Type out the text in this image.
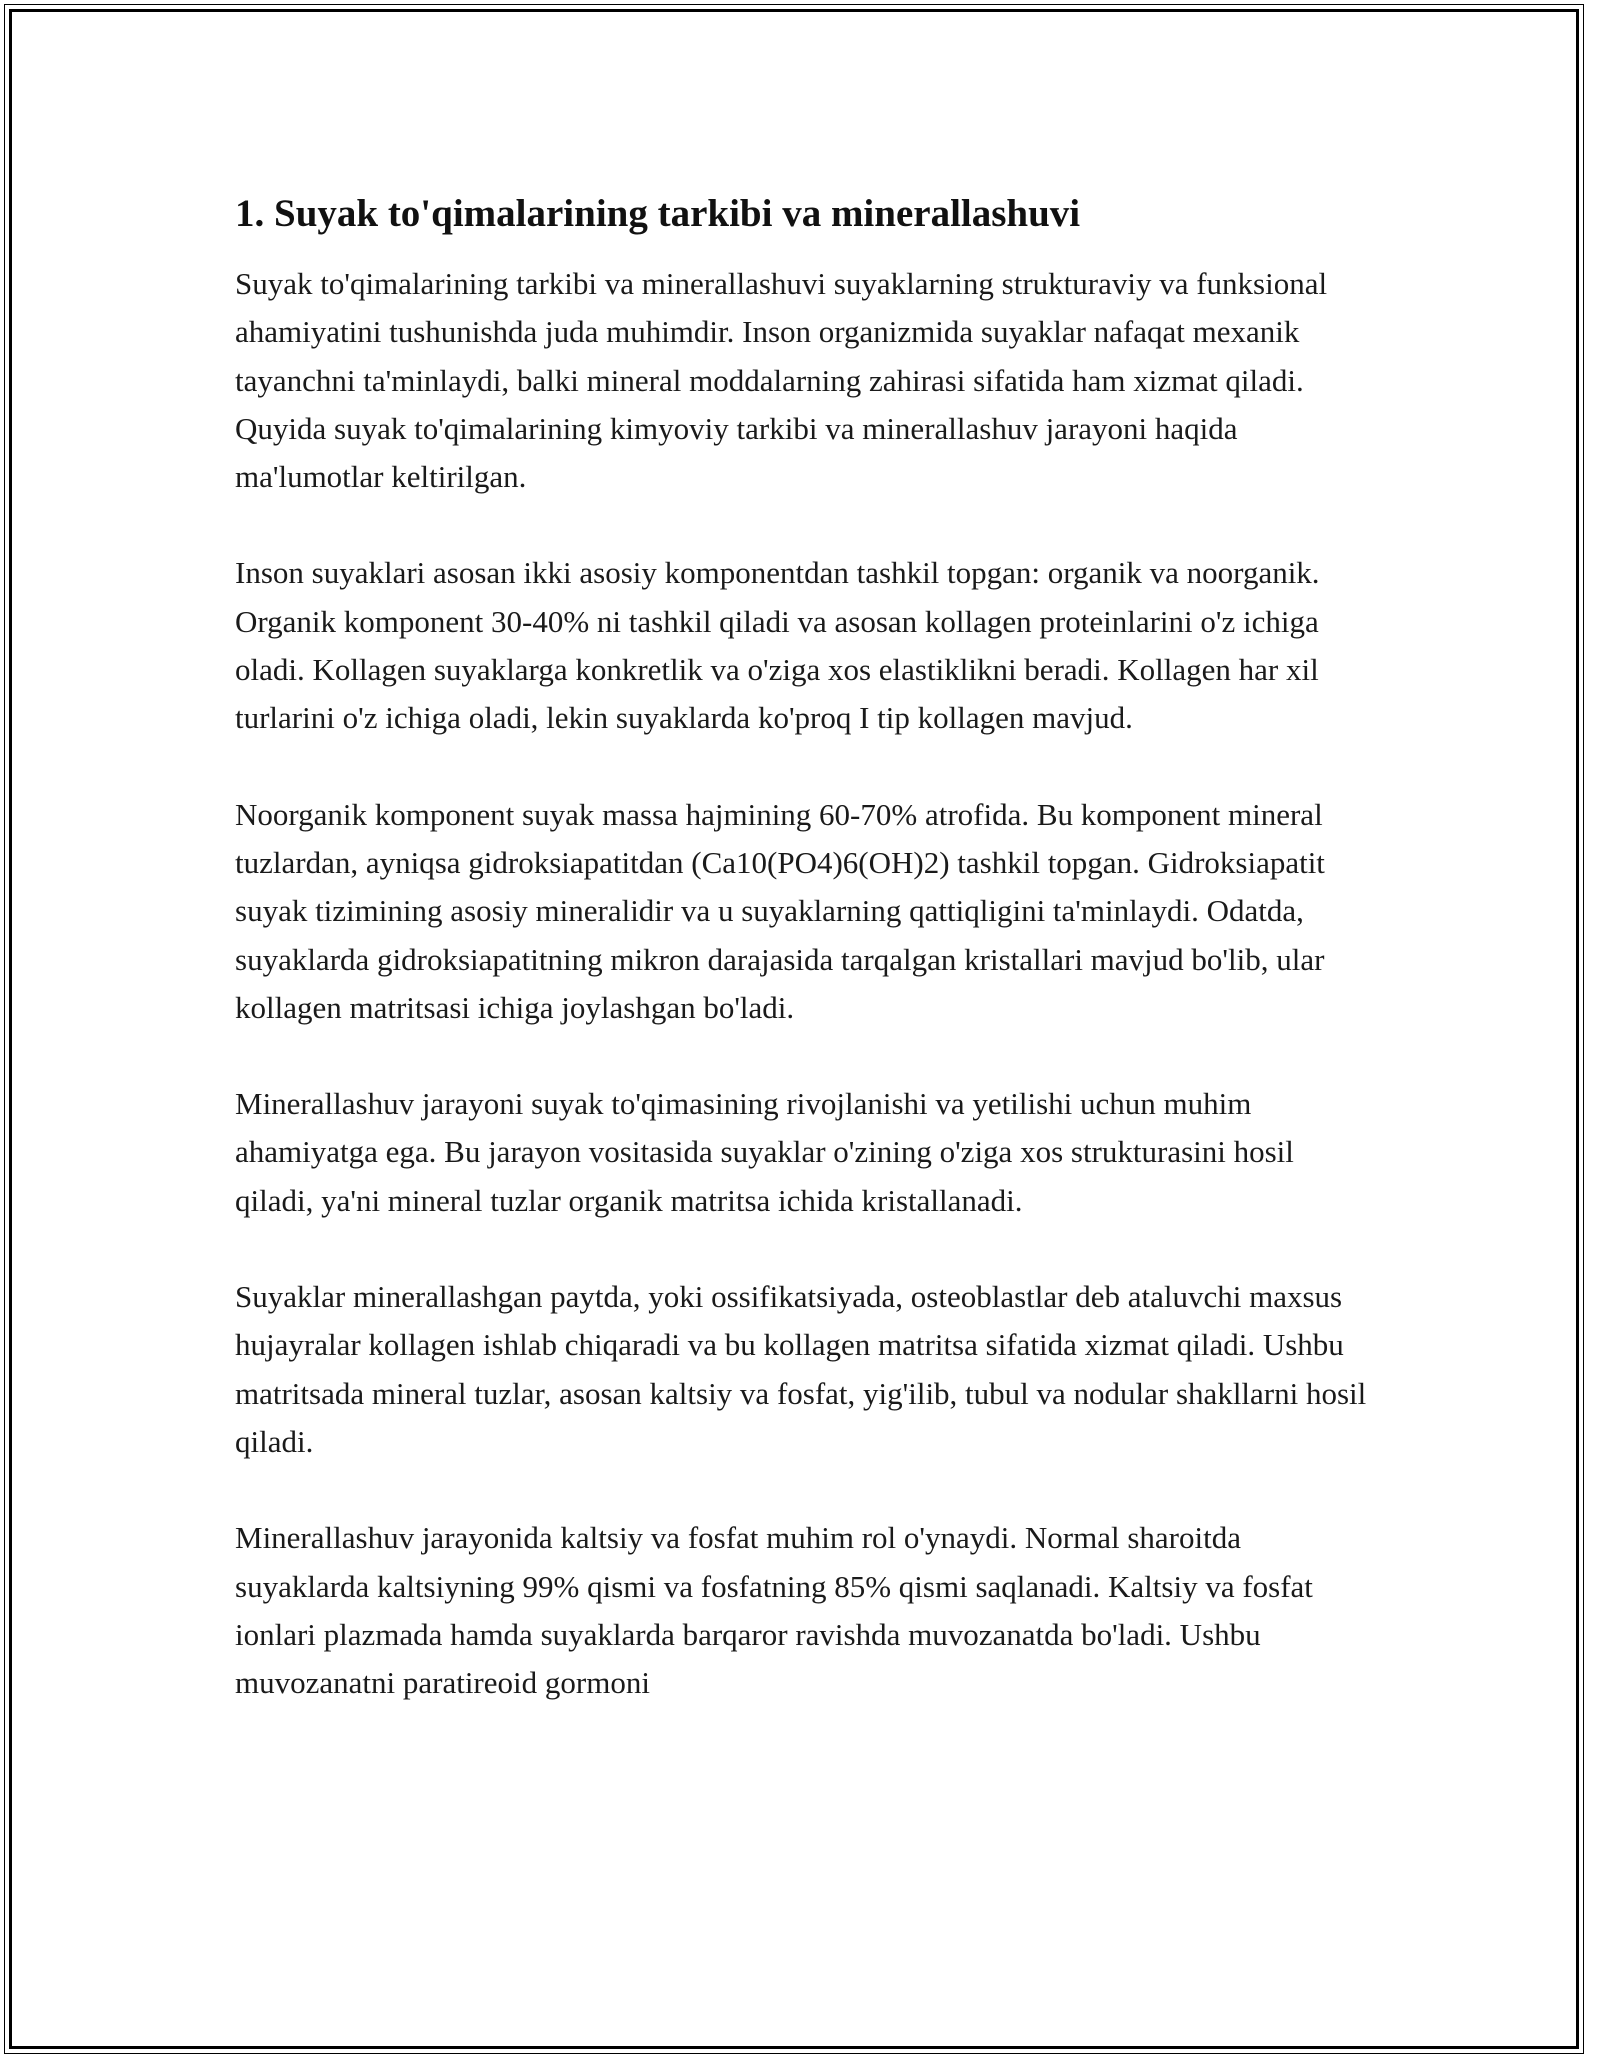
1. Suyak to'qimalarining tarkibi va minerallashuvi

Suyak to'qimalarining tarkibi va minerallashuvi suyaklarning strukturaviy va funksional ahamiyatini tushunishda juda muhimdir. Inson organizmida suyaklar nafaqat mexanik tayanchni ta'minlaydi, balki mineral moddalarning zahirasi sifatida ham xizmat qiladi. Quyida suyak to'qimalarining kimyoviy tarkibi va minerallashuv jarayoni haqida ma'lumotlar keltirilgan.

Inson suyaklari asosan ikki asosiy komponentdan tashkil topgan: organik va noorganik. Organik komponent 30-40% ni tashkil qiladi va asosan kollagen proteinlarini o'z ichiga oladi. Kollagen suyaklarga konkretlik va o'ziga xos elastiklikni beradi. Kollagen har xil turlarini o'z ichiga oladi, lekin suyaklarda ko'proq I tip kollagen mavjud.

Noorganik komponent suyak massa hajmining 60-70% atrofida. Bu komponent mineral tuzlardan, ayniqsa gidroksiapatitdan (Ca10(PO4)6(OH)2) tashkil topgan. Gidroksiapatit suyak tizimining asosiy mineralidir va u suyaklarning qattiqligini ta'minlaydi. Odatda, suyaklarda gidroksiapatitning mikron darajasida tarqalgan kristallari mavjud bo'lib, ular kollagen matritsasi ichiga joylashgan bo'ladi.

Minerallashuv jarayoni suyak to'qimasining rivojlanishi va yetilishi uchun muhim ahamiyatga ega. Bu jarayon vositasida suyaklar o'zining o'ziga xos strukturasini hosil qiladi, ya'ni mineral tuzlar organik matritsa ichida kristallanadi.

Suyaklar minerallashgan paytda, yoki ossifikatsiyada, osteoblastlar deb ataluvchi maxsus hujayralar kollagen ishlab chiqaradi va bu kollagen matritsa sifatida xizmat qiladi. Ushbu matritsada mineral tuzlar, asosan kaltsiy va fosfat, yig'ilib, tubul va nodular shakllarni hosil qiladi.

Minerallashuv jarayonida kaltsiy va fosfat muhim rol o'ynaydi. Normal sharoitda suyaklarda kaltsiyning 99% qismi va fosfatning 85% qismi saqlanadi. Kaltsiy va fosfat ionlari plazmada hamda suyaklarda barqaror ravishda muvozanatda bo'ladi. Ushbu muvozanatni paratireoid gormoni
